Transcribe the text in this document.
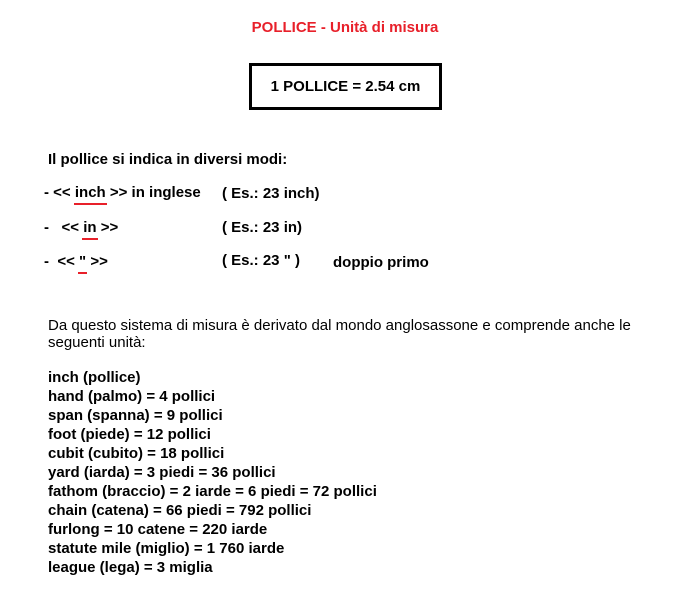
POLLICE - Unità di misura
1 POLLICE = 2.54 cm
Il pollice si indica in diversi modi:
- << inch >> in inglese ( Es.: 23 inch)
-   << in >>	( Es.: 23 in)
-  << " >>	( Es.: 23 " ) doppio primo
Da questo sistema di misura è derivato dal mondo anglosassone e comprende anche le seguenti unità:
inch (pollice)
hand (palmo) = 4 pollici
span (spanna) = 9 pollici
foot (piede) = 12 pollici
cubit (cubito) = 18 pollici
yard (iarda) = 3 piedi = 36 pollici
fathom (braccio) = 2 iarde = 6 piedi = 72 pollici
chain (catena) = 66 piedi = 792 pollici
furlong = 10 catene = 220 iarde
statute mile (miglio) = 1 760 iarde
league (lega) = 3 miglia
